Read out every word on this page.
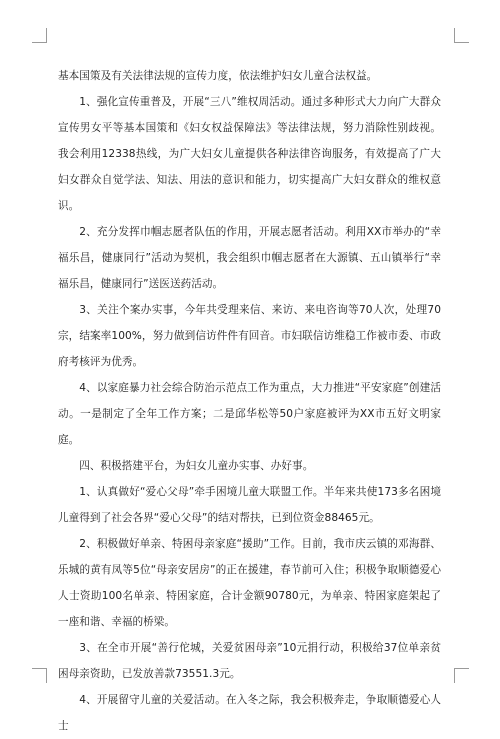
基本国策及有关法律法规的宣传力度，依法维护妇女儿童合法权益。

1、强化宣传重普及，开展“三八”维权周活动。通过多种形式大力向广大群众宣传男女平等基本国策和《妇女权益保障法》等法律法规，努力消除性别歧视。我会利用12338热线，为广大妇女儿童提供各种法律咨询服务，有效提高了广大妇女群众自觉学法、知法、用法的意识和能力，切实提高广大妇女群众的维权意识。

2、充分发挥巾帼志愿者队伍的作用，开展志愿者活动。利用XX市举办的“幸福乐昌，健康同行”活动为契机，我会组织巾帼志愿者在大源镇、五山镇举行“幸福乐昌，健康同行”送医送药活动。

3、关注个案办实事，今年共受理来信、来访、来电咨询等70人次，处理70宗，结案率100%，努力做到信访件件有回音。市妇联信访维稳工作被市委、市政府考核评为优秀。

4、以家庭暴力社会综合防治示范点工作为重点，大力推进“平安家庭”创建活动。一是制定了全年工作方案；二是邱华松等50户家庭被评为XX市五好文明家庭。

四、积极搭建平台，为妇女儿童办实事、办好事。

1、认真做好“爱心父母”牵手困境儿童大联盟工作。半年来共使173多名困境儿童得到了社会各界“爱心父母”的结对帮扶，已到位资金88465元。

2、积极做好单亲、特困母亲家庭“援助”工作。目前，我市庆云镇的邓海群、乐城的黄有凤等5位“母亲安居房”的正在援建，春节前可入住；积极争取顺德爱心人士资助100名单亲、特困家庭，合计金额90780元，为单亲、特困家庭架起了一座和谐、幸福的桥梁。

3、在全市开展“善行佗城，关爱贫困母亲”10元捐行动，积极给37位单亲贫困母亲资助，已发放善款73551.3元。

4、开展留守儿童的关爱活动。在入冬之际，我会积极奔走，争取顺德爱心人士
